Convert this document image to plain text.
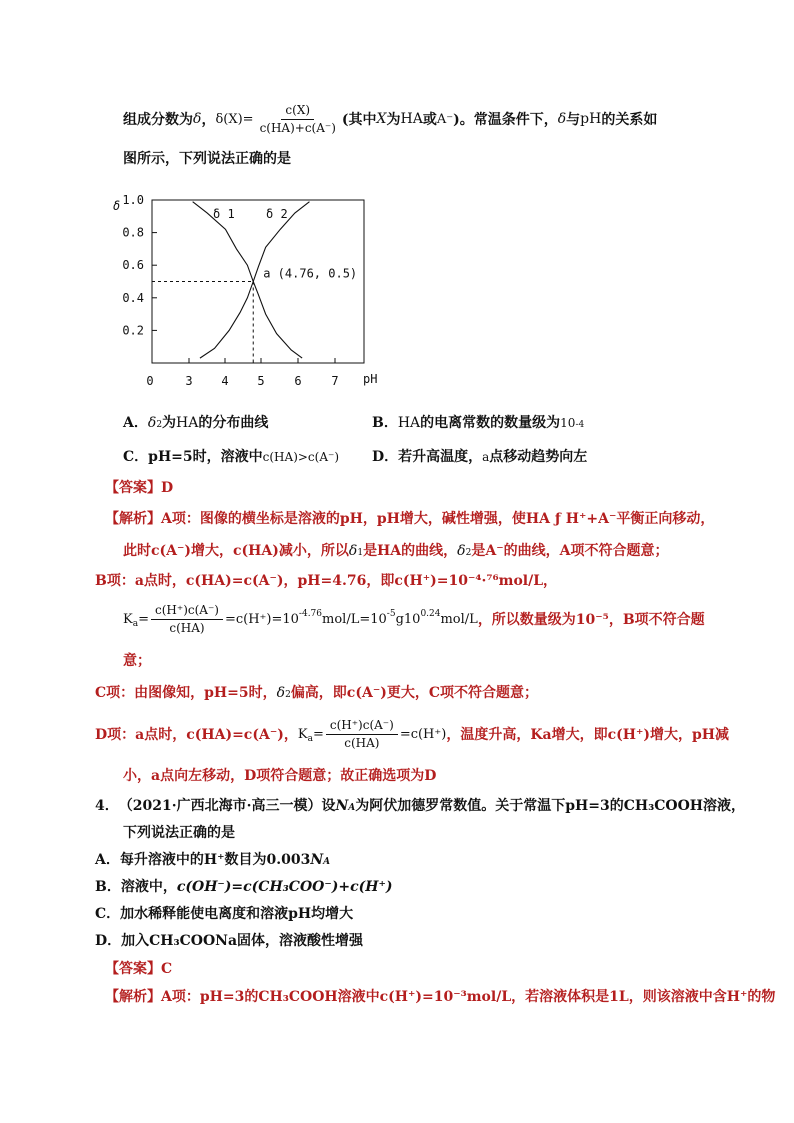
组成分数为 δ ， $\delta(X)= \frac{c(X)}{c(HA)+c(A^-)}$ (其中 X 为 HA 或 A⁻ )。常温条件下， δ 与 pH 的关系如
图所示，下列说法正确的是
1.0
0.8
0.6
0.4
0.2
0	3 4 5 6 7
δ
pH
δ 1	δ 2
a (4.76, 0.5)
A． δ 2 为 HA 的分布曲线	B． HA 的电离常数的数量级为 10 -4
C． pH=5时，溶液中 c(HA)>c(A⁻) D． 若升高温度， a 点移动趋势向左
【答案】D
【解析】A项：图像的横坐标是溶液的pH，pH增大，碱性增强，使HA ƒ H⁺+A⁻平衡正向移动，
此时c(A⁻)增大，c(HA)减小，所以 δ 1 是HA的曲线， δ 2 是A⁻的曲线，A项不符合题意；
B项：a点时，c(HA)=c(A⁻)，pH=4.76，即c(H⁺)=10⁻⁴·⁷⁶mol/L，
$K_a = \frac{c(H^+)c(A^-)}{c(HA)} =c(H^+)=10^{-4.76}$ mol/$L=10^{-5}$ $g10^{0.24}$ mol/L ，所以数量级为10⁻⁵，B项不符合题
意；
C项：由图像知，pH=5时， δ 2 偏高，即c(A⁻)更大，C项不符合题意；
D项：a点时，c(HA)=c(A⁻)， $K_a = \frac{c(H^+)c(A^-)}{c(HA)} =c(H^+)$ ，温度升高，Ka增大，即c(H⁺)增大，pH减
小，a点向左移动，D项符合题意；故正确选项为D
4． （2021·广西北海市·高三一模） 设 N A 为阿伏加德罗常数值。关于常温下pH=3的CH₃COOH溶液，
下列说法正确的是
A．每升溶液中的H⁺数目为0.003 N A
B．溶液中，c(OH⁻)=c(CH₃COO⁻)+c(H⁺)
C．加水稀释能使电离度和溶液pH均增大
D．加入CH₃COONa固体，溶液酸性增强
【答案】C
【解析】A项：pH=3的CH₃COOH溶液中c(H⁺)=10⁻³mol/L，若溶液体积是1L，则该溶液中含H⁺的物
